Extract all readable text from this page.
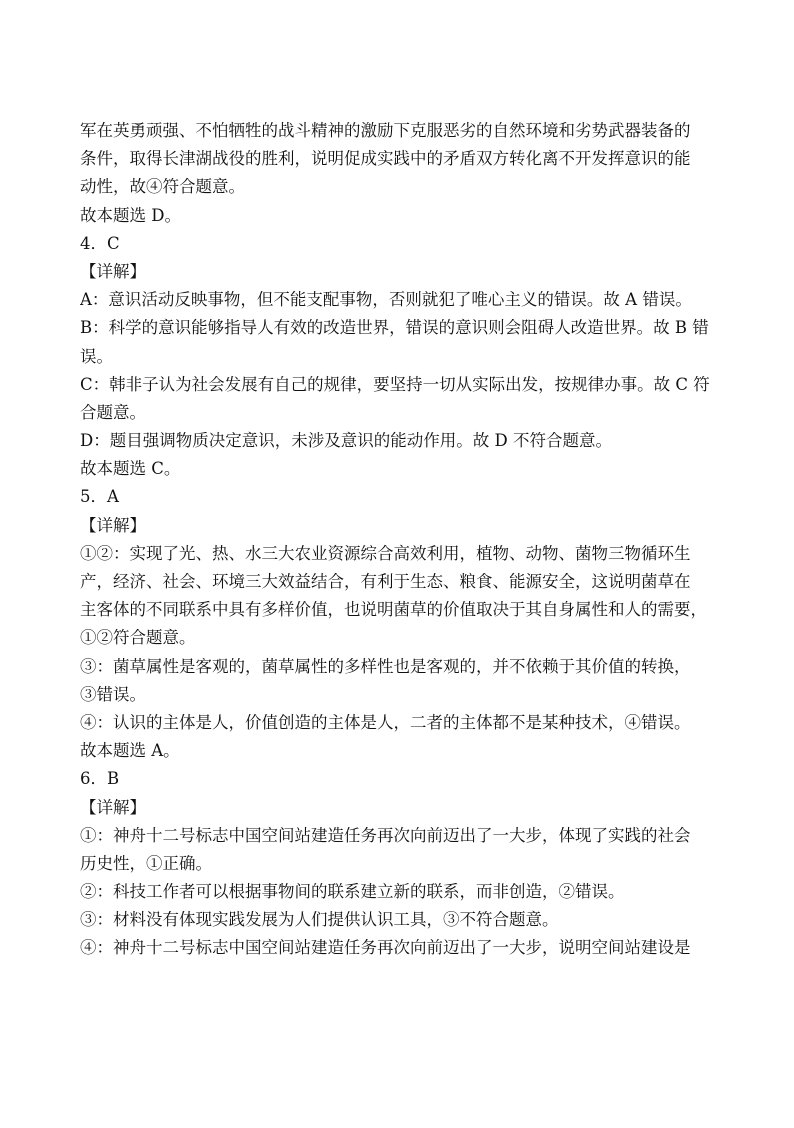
军在英勇顽强、不怕牺牲的战斗精神的激励下克服恶劣的自然环境和劣势武器装备的
条件，取得长津湖战役的胜利，说明促成实践中的矛盾双方转化离不开发挥意识的能
动性，故④符合题意。
故本题选 D。
4．C
【详解】
A：意识活动反映事物，但不能支配事物，否则就犯了唯心主义的错误。故 A 错误。
B：科学的意识能够指导人有效的改造世界，错误的意识则会阻碍人改造世界。故 B 错
误。
C：韩非子认为社会发展有自己的规律，要坚持一切从实际出发，按规律办事。故 C 符
合题意。
D：题目强调物质决定意识，未涉及意识的能动作用。故 D 不符合题意。
故本题选 C。
5．A
【详解】
①②：实现了光、热、水三大农业资源综合高效利用，植物、动物、菌物三物循环生
产，经济、社会、环境三大效益结合，有利于生态、粮食、能源安全，这说明菌草在
主客体的不同联系中具有多样价值，也说明菌草的价值取决于其自身属性和人的需要，
①②符合题意。
③：菌草属性是客观的，菌草属性的多样性也是客观的，并不依赖于其价值的转换，
③错误。
④：认识的主体是人，价值创造的主体是人，二者的主体都不是某种技术，④错误。
故本题选 A。
6．B
【详解】
①：神舟十二号标志中国空间站建造任务再次向前迈出了一大步，体现了实践的社会
历史性，①正确。
②：科技工作者可以根据事物间的联系建立新的联系，而非创造，②错误。
③：材料没有体现实践发展为人们提供认识工具，③不符合题意。
④：神舟十二号标志中国空间站建造任务再次向前迈出了一大步，说明空间站建设是
